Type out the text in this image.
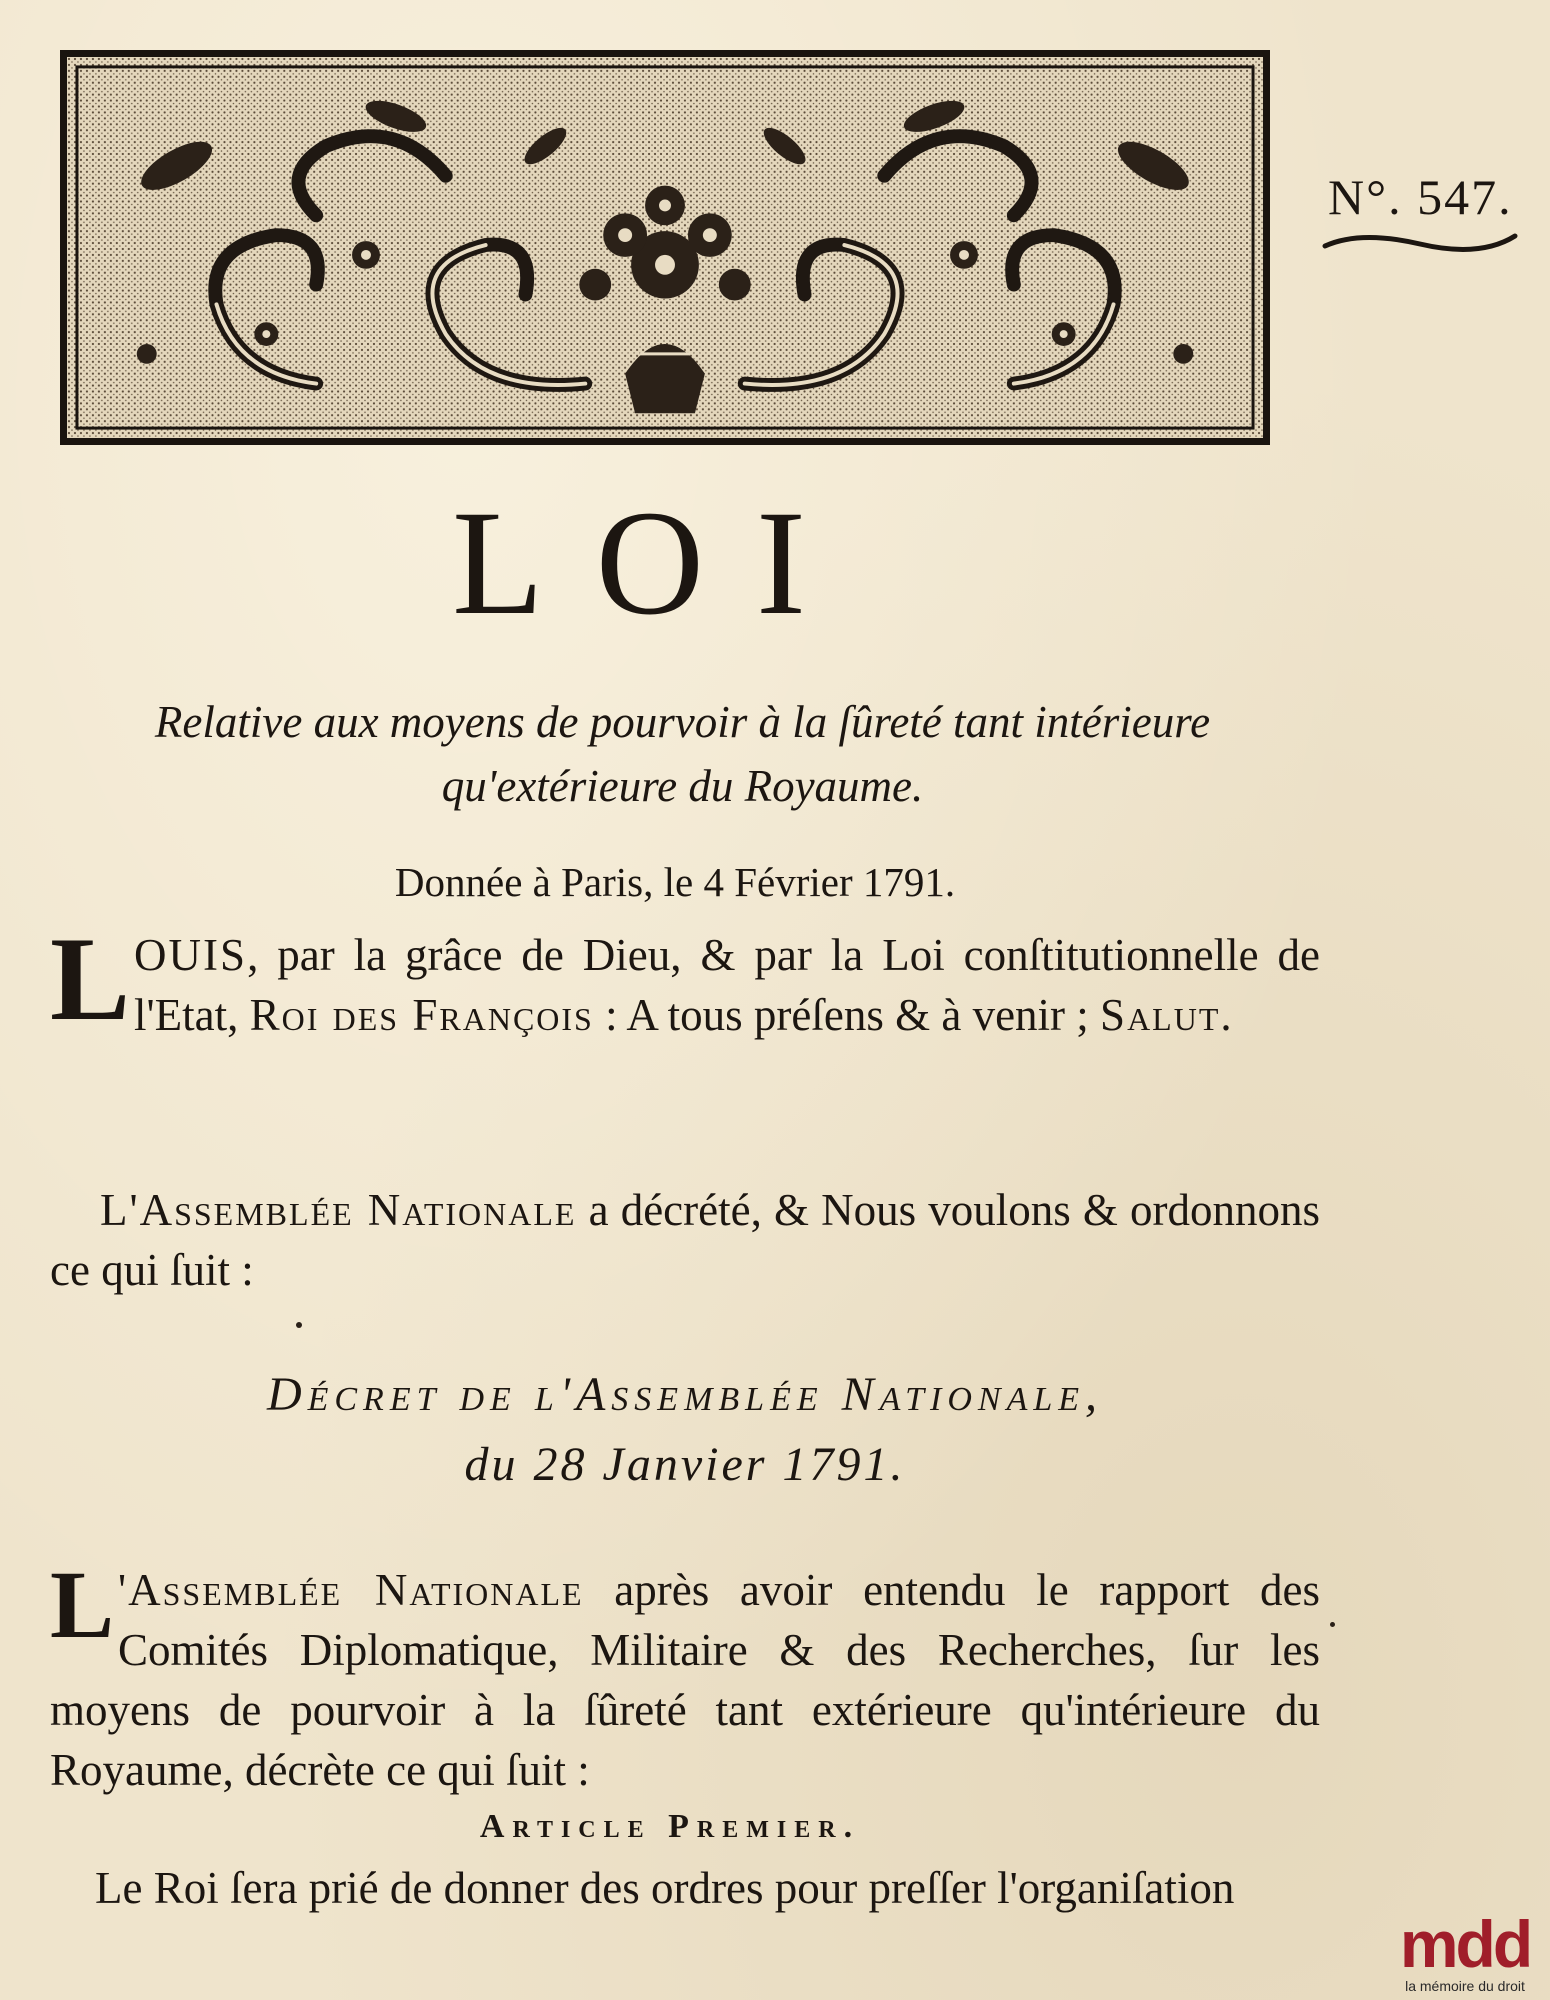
N°. 547.
LOI
Relative aux moyens de pourvoir à la ſûreté tant intérieure qu'extérieure du Royaume.
Donnée à Paris, le 4 Février 1791.
LOUIS, par la grâce de Dieu, & par la Loi conſtitutionnelle de l'Etat, Roi des François : A tous préſens & à venir ; Salut.
L'Assemblée Nationale a décrété, & Nous voulons & ordonnons ce qui ſuit :
Décret de l'Assemblée Nationale,
du 28 Janvier 1791.
L 'Assemblée Nationale après avoir entendu le rapport des Comités Diplomatique, Militaire & des Recherches, ſur les moyens de pourvoir à la ſûreté tant extérieure qu'intérieure du Royaume, décrète ce qui ſuit :
Article Premier.
Le Roi ſera prié de donner des ordres pour preſſer l'organiſation
mdd
la mémoire du droit
